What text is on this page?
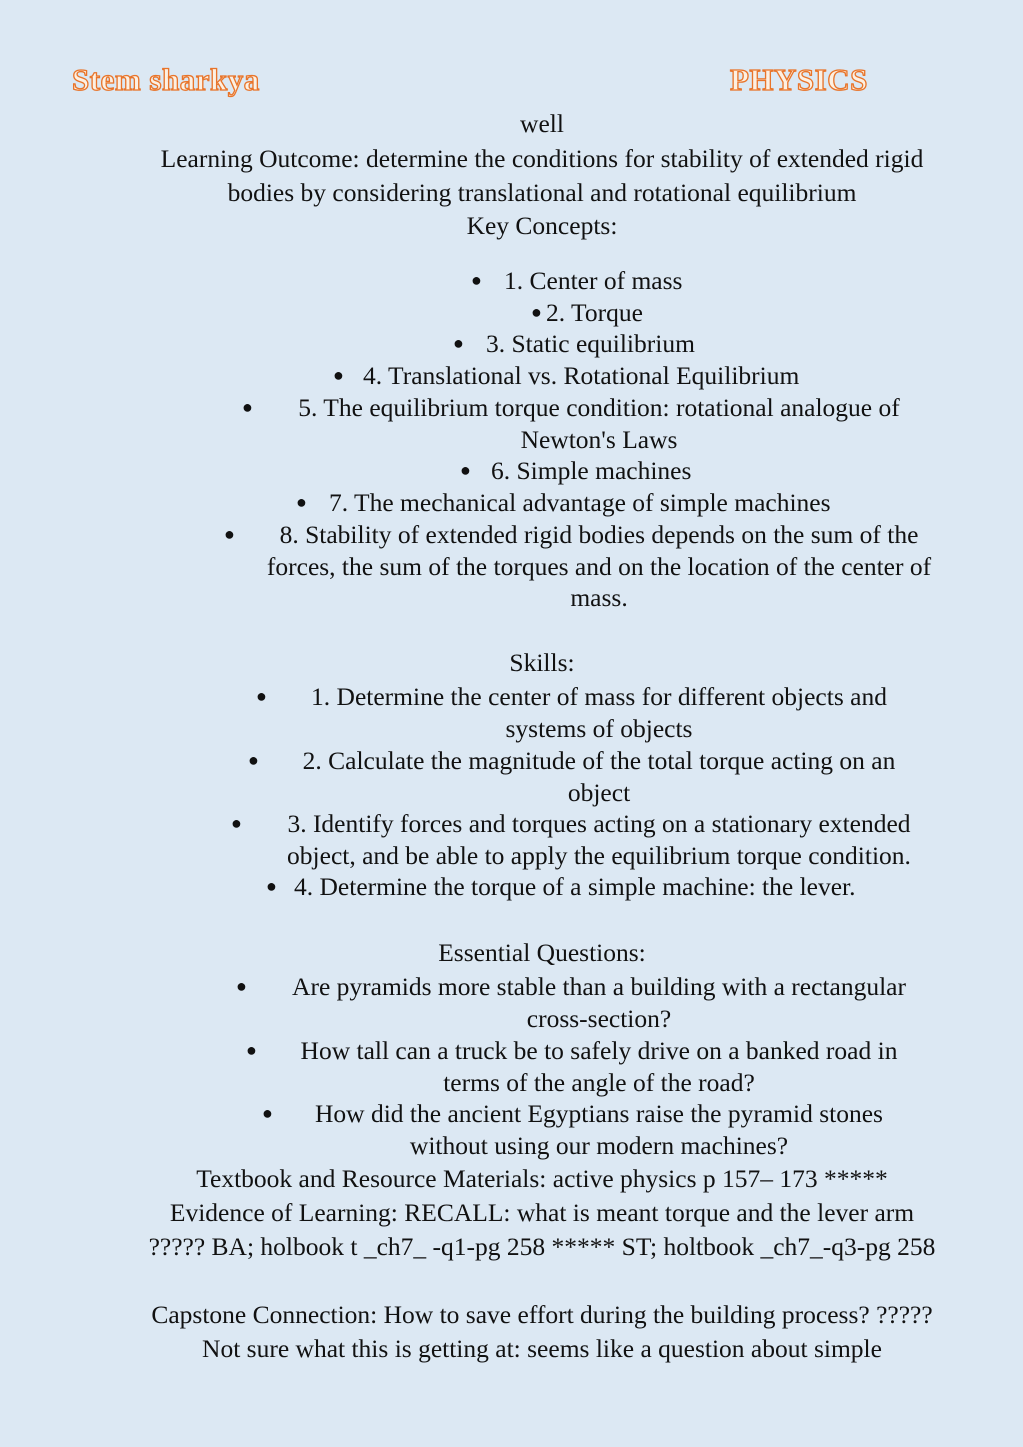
Stem sharkya	PHYSICS

well

Learning Outcome: determine the conditions for stability of extended rigid bodies by considering translational and rotational equilibrium

Key Concepts:

● 1. Center of mass

● 2. Torque

● 3. Static equilibrium

● 4. Translational vs. Rotational Equilibrium

●	5. The equilibrium torque condition: rotational analogue of Newton's Laws

● 6. Simple machines

● 7. The mechanical advantage of simple machines

●	8. Stability of extended rigid bodies depends on the sum of the forces, the sum of the torques and on the location of the center of mass.

Skills:

●	1. Determine the center of mass for different objects and systems of objects

●	2. Calculate the magnitude of the total torque acting on an object

●	3. Identify forces and torques acting on a stationary extended object, and be able to apply the equilibrium torque condition.

● 4. Determine the torque of a simple machine: the lever.

Essential Questions:

●	Are pyramids more stable than a building with a rectangular cross-section?

●	How tall can a truck be to safely drive on a banked road in terms of the angle of the road?

●	How did the ancient Egyptians raise the pyramid stones without using our modern machines?

Textbook and Resource Materials: active physics p 157– 173 *****

Evidence of Learning: RECALL: what is meant torque and the lever arm ????? BA; holbook t _ch7_ -q1-pg 258 ***** ST; holtbook _ch7_-q3-pg 258

Capstone Connection: How to save effort during the building process? ?????Not sure what this is getting at: seems like a question about simple
